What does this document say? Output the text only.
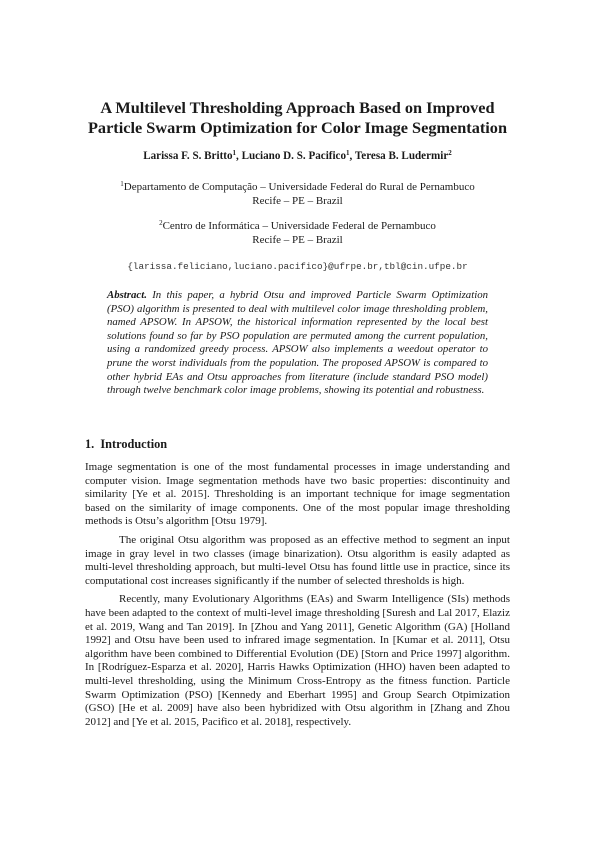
A Multilevel Thresholding Approach Based on Improved
Particle Swarm Optimization for Color Image Segmentation
Larissa F. S. Britto$^1$, Luciano D. S. Pacifico$^1$, Teresa B. Ludermir$^2$
$^1$Departamento de Computação – Universidade Federal do Rural de Pernambuco
Recife – PE – Brazil
$^2$Centro de Informática – Universidade Federal de Pernambuco
Recife – PE – Brazil
{larissa.feliciano,luciano.pacifico}@ufrpe.br,tbl@cin.ufpe.br

Abstract. In this paper, a hybrid Otsu and improved Particle Swarm Optimization (PSO) algorithm is presented to deal with multilevel color image thresholding problem, named APSOW. In APSOW, the historical information represented by the local best solutions found so far by PSO population are permuted among the current population, using a randomized greedy process. APSOW also implements a weedout operator to prune the worst individuals from the population. The proposed APSOW is compared to other hybrid EAs and Otsu approaches from literature (include standard PSO model) through twelve benchmark color image problems, showing its potential and robustness.

1. Introduction

Image segmentation is one of the most fundamental processes in image understanding and computer vision. Image segmentation methods have two basic properties: discontinuity and similarity [Ye et al. 2015]. Thresholding is an important technique for image segmentation based on the similarity of image components. One of the most popular image thresholding methods is Otsu’s algorithm [Otsu 1979].

The original Otsu algorithm was proposed as an effective method to segment an input image in gray level in two classes (image binarization). Otsu algorithm is easily adapted as multi-level thresholding approach, but multi-level Otsu has found little use in practice, since its computational cost increases significantly if the number of selected thresholds is high.

Recently, many Evolutionary Algorithms (EAs) and Swarm Intelligence (SIs) methods have been adapted to the context of multi-level image thresholding [Suresh and Lal 2017, Elaziz et al. 2019, Wang and Tan 2019]. In [Zhou and Yang 2011], Genetic Algorithm (GA) [Holland 1992] and Otsu have been used to infrared image segmentation. In [Kumar et al. 2011], Otsu algorithm have been combined to Differential Evolution (DE) [Storn and Price 1997] algorithm. In [Rodríguez-Esparza et al. 2020], Harris Hawks Optimization (HHO) haven been adapted to multi-level thresholding, using the Minimum Cross-Entropy as the fitness function. Particle Swarm Optimization (PSO) [Kennedy and Eberhart 1995] and Group Search Otpimization (GSO) [He et al. 2009] have also been hybridized with Otsu algorithm in [Zhang and Zhou 2012] and [Ye et al. 2015, Pacifico et al. 2018], respectively.
